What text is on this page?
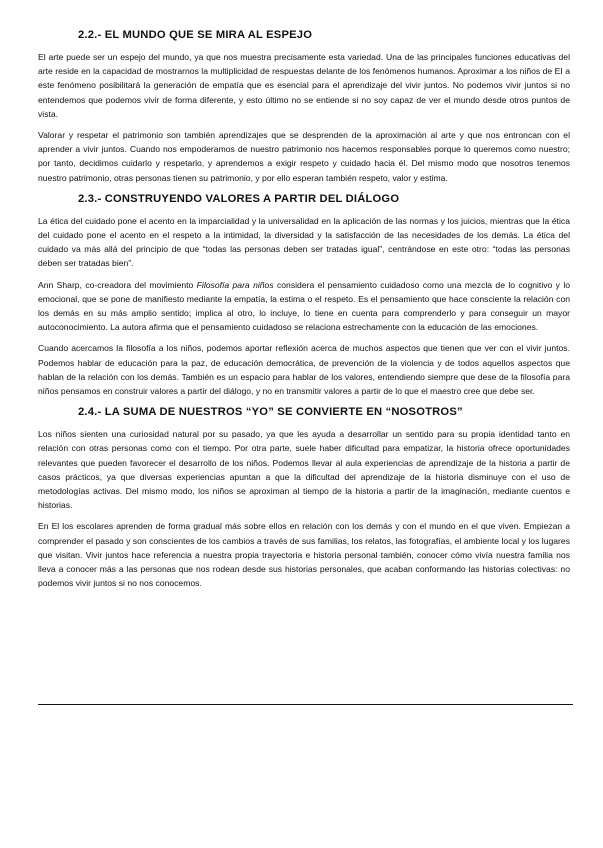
2.2.- EL MUNDO QUE SE MIRA AL ESPEJO

El arte puede ser un espejo del mundo, ya que nos muestra precisamente esta variedad. Una de las principales funciones educativas del arte reside en la capacidad de mostrarnos la multiplicidad de respuestas delante de los fenómenos humanos. Aproximar a los niños de EI a este fenómeno posibilitará la generación de empatía que es esencial para el aprendizaje del vivir juntos. No podemos vivir juntos si no entendemos que podemos vivir de forma diferente, y esto último no se entiende si no soy capaz de ver el mundo desde otros puntos de vista.

Valorar y respetar el patrimonio son también aprendizajes que se desprenden de la aproximación al arte y que nos entroncan con el aprender a vivir juntos. Cuando nos empoderamos de nuestro patrimonio nos hacemos responsables porque lo queremos como nuestro; por tanto, decidimos cuidarlo y respetarlo, y aprendemos a exigir respeto y cuidado hacia él. Del mismo modo que nosotros tenemos nuestro patrimonio, otras personas tienen su patrimonio, y por ello esperan también respeto, valor y estima.

2.3.- CONSTRUYENDO VALORES A PARTIR DEL DIÁLOGO

La ética del cuidado pone el acento en la imparcialidad y la universalidad en la aplicación de las normas y los juicios, mientras que la ética del cuidado pone el acento en el respeto a la intimidad, la diversidad y la satisfacción de las necesidades de los demás. La ética del cuidado va más allá del principio de que “todas las personas deben ser tratadas igual”, centrándose en este otro: “todas las personas deben ser tratadas bien”.

Ann Sharp, co-creadora del movimiento Filosofía para niños considera el pensamiento cuidadoso como una mezcla de lo cognitivo y lo emocional, que se pone de manifiesto mediante la empatía, la estima o el respeto. Es el pensamiento que hace consciente la relación con los demás en su más amplio sentido; implica al otro, lo incluye, lo tiene en cuenta para comprenderlo y para conseguir un mayor autoconocimiento. La autora afirma que el pensamiento cuidadoso se relaciona estrechamente con la educación de las emociones.

Cuando acercamos la filosofía a los niños, podemos aportar reflexión acerca de muchos aspectos que tienen que ver con el vivir juntos. Podemos hablar de educación para la paz, de educación democrática, de prevención de la violencia y de todos aquellos aspectos que hablan de la relación con los demás. También es un espacio para hablar de los valores, entendiendo siempre que dese de la filosofía para niños pensamos en construir valores a partir del diálogo, y no en transmitir valores a partir de lo que el maestro cree que debe ser.

2.4.- LA SUMA DE NUESTROS “YO” SE CONVIERTE EN “NOSOTROS”

Los niños sienten una curiosidad natural por su pasado, ya que les ayuda a desarrollar un sentido para su propia identidad tanto en relación con otras personas como con el tiempo. Por otra parte, suele haber dificultad para empatizar, la historia ofrece oportunidades relevantes que pueden favorecer el desarrollo de los niños. Podemos llevar al aula experiencias de aprendizaje de la historia a partir de casos prácticos, ya que diversas experiencias apuntan a que la dificultad del aprendizaje de la historia disminuye con el uso de metodologías activas. Del mismo modo, los niños se aproximan al tiempo de la historia a partir de la imaginación, mediante cuentos e historias.

En El los escolares aprenden de forma gradual más sobre ellos en relación con los demás y con el mundo en el que viven. Empiezan a comprender el pasado y son conscientes de los cambios a través de sus familias, los relatos, las fotografías, el ambiente local y los lugares que visitan. Vivir juntos hace referencia a nuestra propia trayectoria e historia personal también, conocer cómo vivía nuestra familia nos lleva a conocer más a las personas que nos rodean desde sus historias personales, que acaban conformando las historias colectivas: no podemos vivir juntos si no nos conocemos.
